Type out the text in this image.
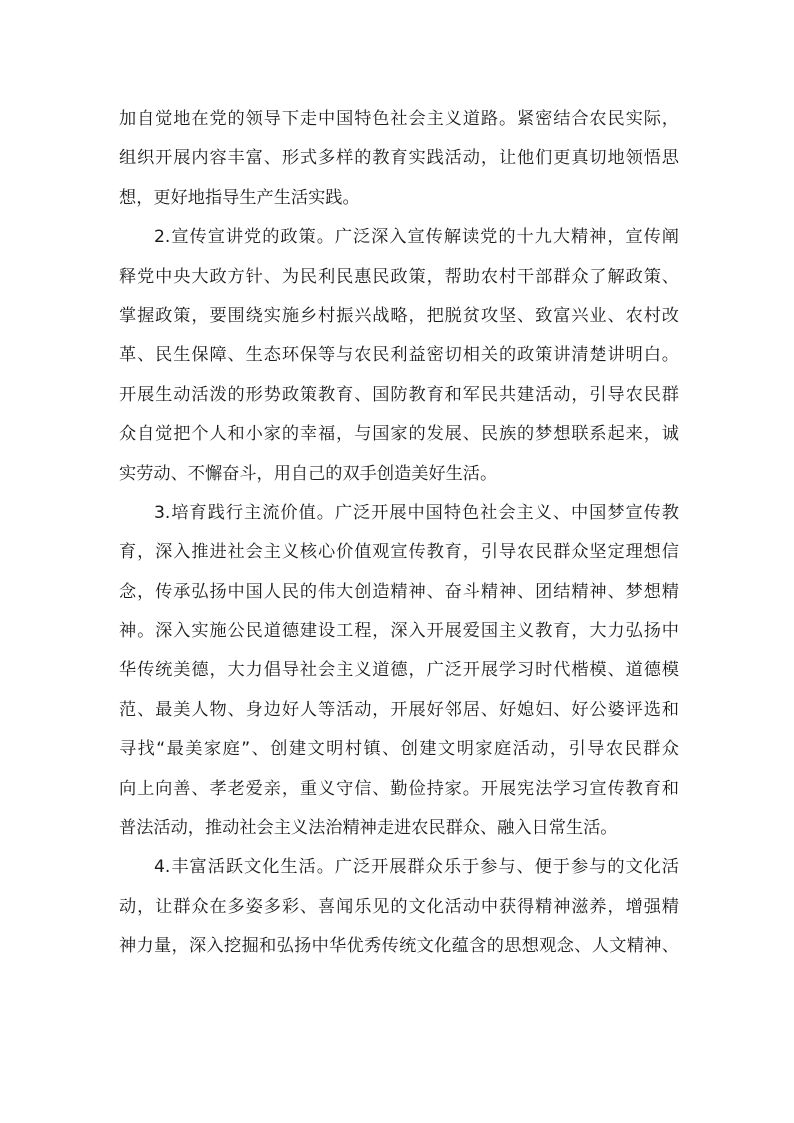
加自觉地在党的领导下走中国特色社会主义道路。紧密结合农民实际，
组织开展内容丰富、形式多样的教育实践活动，让他们更真切地领悟思
想，更好地指导生产生活实践。
2.宣传宣讲党的政策。广泛深入宣传解读党的十九大精神，宣传阐
释党中央大政方针、为民利民惠民政策，帮助农村干部群众了解政策、
掌握政策，要围绕实施乡村振兴战略，把脱贫攻坚、致富兴业、农村改
革、民生保障、生态环保等与农民利益密切相关的政策讲清楚讲明白。
开展生动活泼的形势政策教育、国防教育和军民共建活动，引导农民群
众自觉把个人和小家的幸福，与国家的发展、民族的梦想联系起来，诚
实劳动、不懈奋斗，用自己的双手创造美好生活。
3.培育践行主流价值。广泛开展中国特色社会主义、中国梦宣传教
育，深入推进社会主义核心价值观宣传教育，引导农民群众坚定理想信
念，传承弘扬中国人民的伟大创造精神、奋斗精神、团结精神、梦想精
神。深入实施公民道德建设工程，深入开展爱国主义教育，大力弘扬中
华传统美德，大力倡导社会主义道德，广泛开展学习时代楷模、道德模
范、最美人物、身边好人等活动，开展好邻居、好媳妇、好公婆评选和
寻找“最美家庭”、创建文明村镇、创建文明家庭活动，引导农民群众
向上向善、孝老爱亲，重义守信、勤俭持家。开展宪法学习宣传教育和
普法活动，推动社会主义法治精神走进农民群众、融入日常生活。
4.丰富活跃文化生活。广泛开展群众乐于参与、便于参与的文化活
动，让群众在多姿多彩、喜闻乐见的文化活动中获得精神滋养，增强精
神力量，深入挖掘和弘扬中华优秀传统文化蕴含的思想观念、人文精神、
